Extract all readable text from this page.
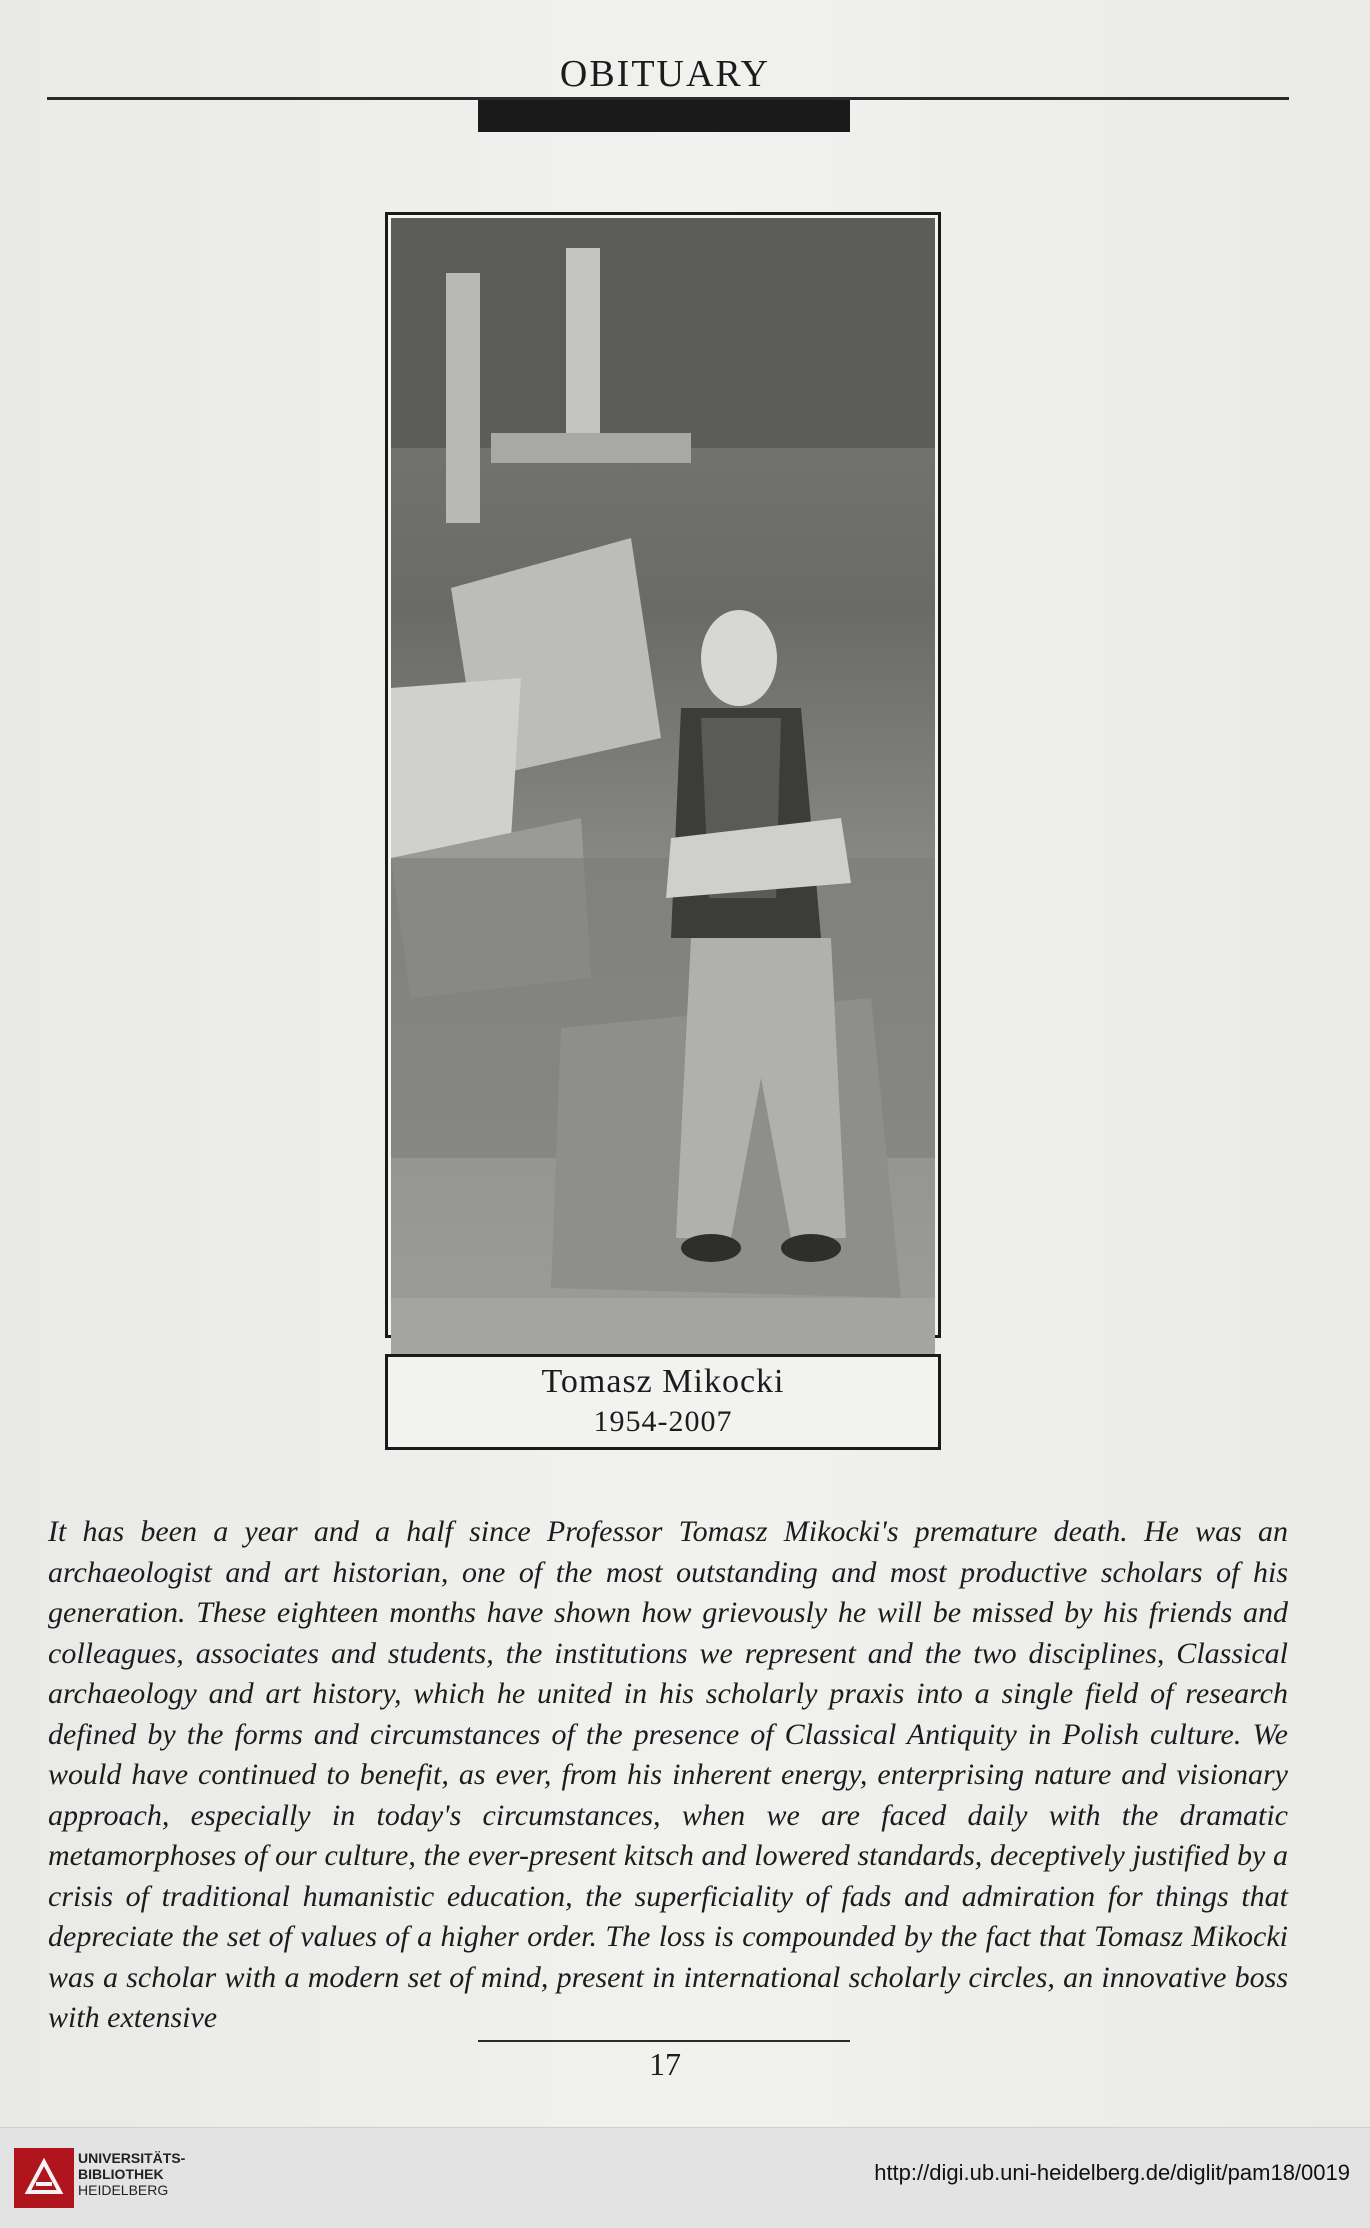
OBITUARY
Tomasz Mikocki
1954-2007
It has been a year and a half since Professor Tomasz Mikocki's premature death. He was an archaeologist and art historian, one of the most outstanding and most productive scholars of his generation. These eighteen months have shown how grievously he will be missed by his friends and colleagues, associates and students, the institutions we represent and the two disciplines, Classical archaeology and art history, which he united in his scholarly praxis into a single field of research defined by the forms and circumstances of the presence of Classical Antiquity in Polish culture. We would have continued to benefit, as ever, from his inherent energy, enterprising nature and visionary approach, especially in today's circumstances, when we are faced daily with the dramatic metamorphoses of our culture, the ever-present kitsch and lowered standards, deceptively justified by a crisis of traditional humanistic education, the superficiality of fads and admiration for things that depreciate the set of values of a higher order. The loss is compounded by the fact that Tomasz Mikocki was a scholar with a modern set of mind, present in international scholarly circles, an innovative boss with extensive
17
UNIVERSITÄTS-
BIBLIOTHEK
HEIDELBERG
http://digi.ub.uni-heidelberg.de/diglit/pam18/0019
